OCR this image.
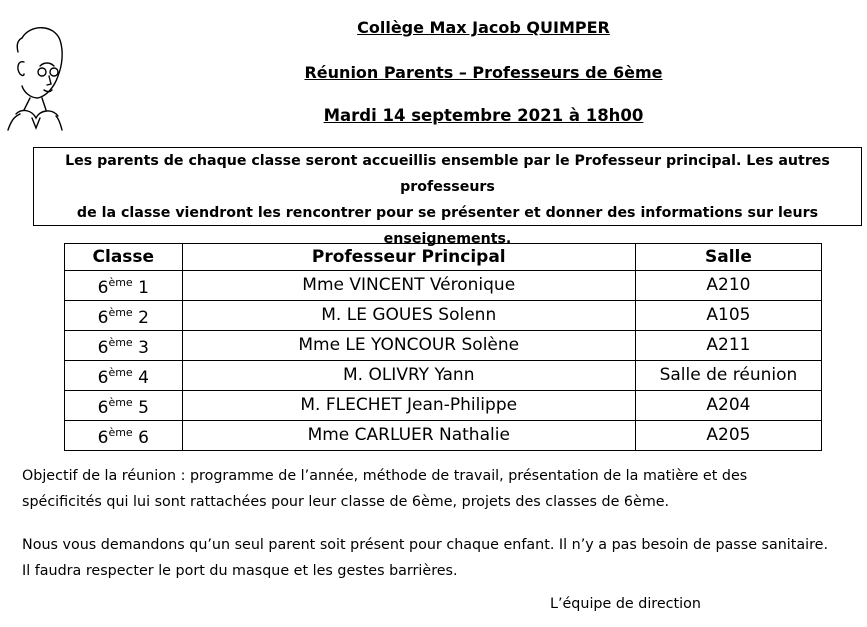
Collège Max Jacob QUIMPER

Réunion Parents – Professeurs de 6ème

Mardi 14 septembre 2021 à 18h00

Les parents de chaque classe seront accueillis ensemble par le Professeur principal. Les autres professeurs
de la classe viendront les rencontrer pour se présenter et donner des informations sur leurs
enseignements.
Classe	Professeur Principal	Salle
6ème 1	Mme VINCENT Véronique	A210
6ème 2	M. LE GOUES Solenn	A105
6ème 3	Mme LE YONCOUR Solène	A211
6ème 4	M. OLIVRY Yann	Salle de réunion
6ème 5	M. FLECHET Jean-Philippe	A204
6ème 6	Mme CARLUER Nathalie	A205
Objectif de la réunion : programme de l’année, méthode de travail, présentation de la matière et des
spécificités qui lui sont rattachées pour leur classe de 6ème, projets des classes de 6ème.
Nous vous demandons qu’un seul parent soit présent pour chaque enfant. Il n’y a pas besoin de passe sanitaire.
Il faudra respecter le port du masque et les gestes barrières.

L’équipe de direction
